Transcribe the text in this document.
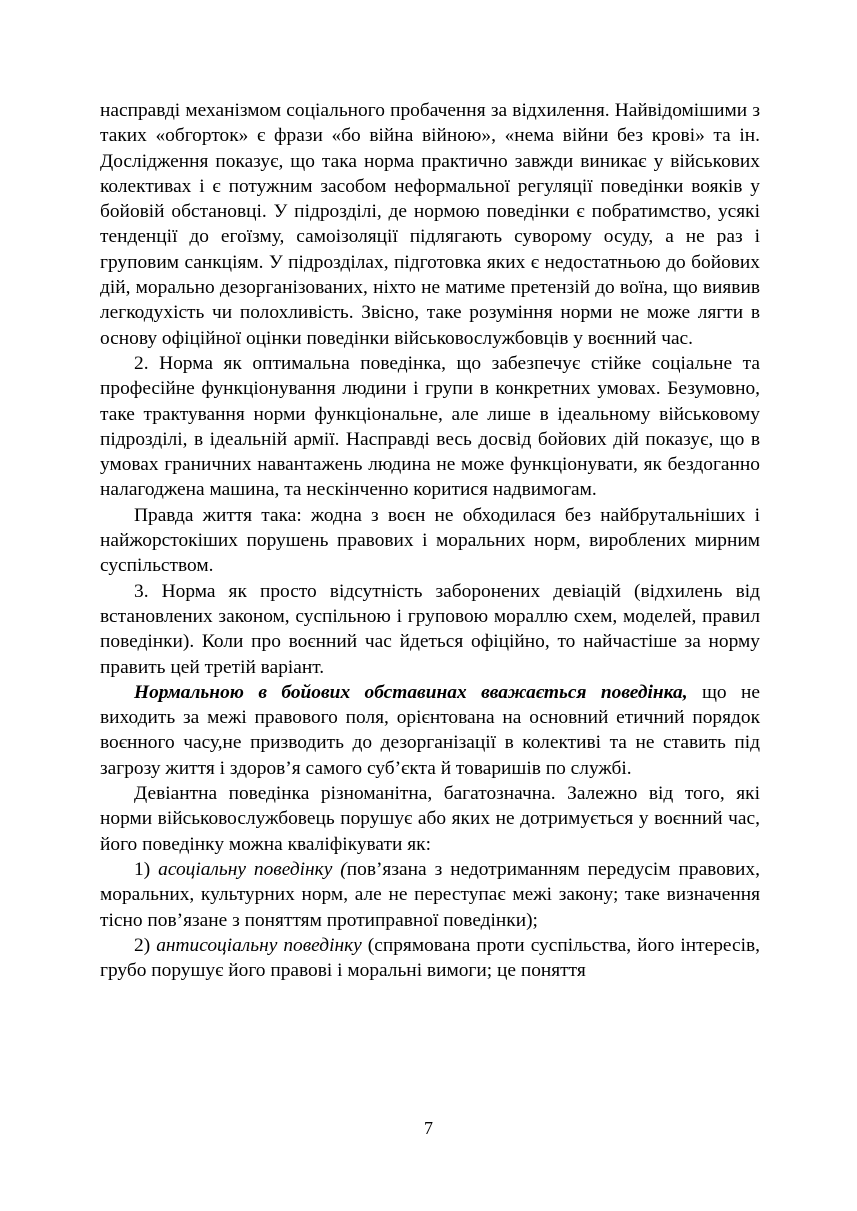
насправді механізмом соціального пробачення за відхилення. Найвідомішими з таких «обгорток» є фрази «бо війна війною», «нема війни без крові» та ін. Дослідження показує, що така норма практично завжди виникає у військових колективах і є потужним засобом неформальної регуляції поведінки вояків у бойовій обстановці. У підрозділі, де нормою поведінки є побратимство, усякі тенденції до егоїзму, самоізоляції підлягають суворому осуду, а не раз і груповим санкціям. У підрозділах, підготовка яких є недостатньою до бойових дій, морально дезорганізованих, ніхто не матиме претензій до воїна, що виявив легкодухість чи полохливість. Звісно, таке розуміння норми не може лягти в основу офіційної оцінки поведінки військовослужбовців у воєнний час.

2. Норма як оптимальна поведінка, що забезпечує стійке соціальне та професійне функціонування людини і групи в конкретних умовах. Безумовно, таке трактування норми функціональне, але лише в ідеальному військовому підрозділі, в ідеальній армії. Насправді весь досвід бойових дій показує, що в умовах граничних навантажень людина не може функціонувати, як бездоганно налагоджена машина, та нескінченно коритися надвимогам.

Правда життя така: жодна з воєн не обходилася без найбрутальніших і найжорстокіших порушень правових і моральних норм, вироблених мирним суспільством.

3. Норма як просто відсутність заборонених девіацій (відхилень від встановлених законом, суспільною і груповою мораллю схем, моделей, правил поведінки). Коли про воєнний час йдеться офіційно, то найчастіше за норму править цей третій варіант.

Нормальною в бойових обставинах вважається поведінка, що не виходить за межі правового поля, орієнтована на основний етичний порядок воєнного часу,не призводить до дезорганізації в колективі та не ставить під загрозу життя і здоров’я самого суб’єкта й товаришів по службі.

Девіантна поведінка різноманітна, багатозначна. Залежно від того, які норми військовослужбовець порушує або яких не дотримується у воєнний час, його поведінку можна кваліфікувати як:

1) асоціальну поведінку (пов’язана з недотриманням передусім правових, моральних, культурних норм, але не переступає межі закону; таке визначення тісно пов’язане з поняттям протиправної поведінки);

2) антисоціальну поведінку (спрямована проти суспільства, його інтересів, грубо порушує його правові і моральні вимоги; це поняття

7
